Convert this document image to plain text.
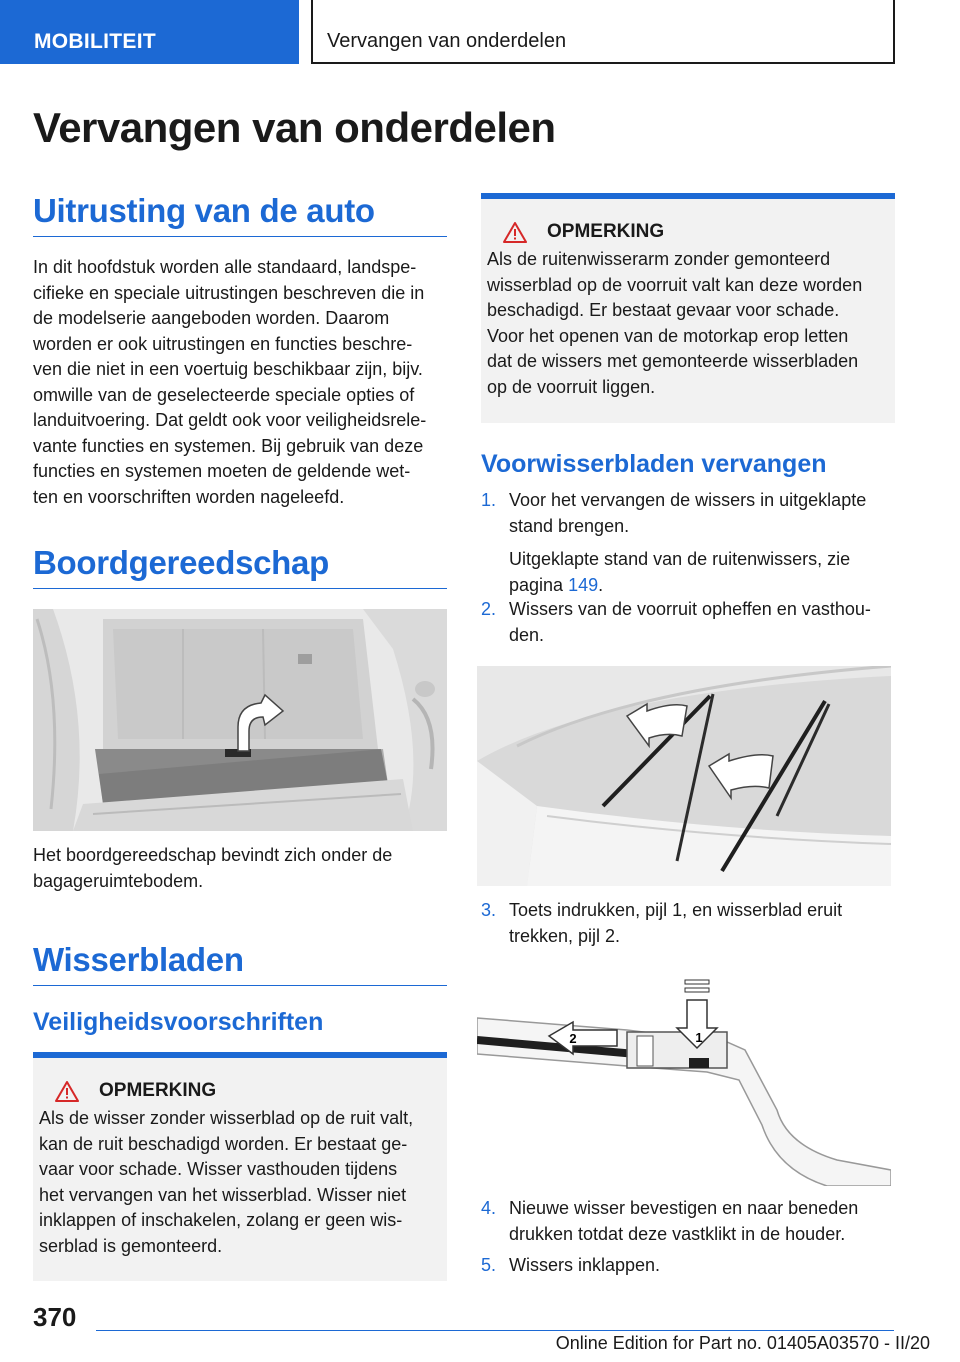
MOBILITEIT	Vervangen van onderdelen
Vervangen van onderdelen
Uitrusting van de auto
In dit hoofdstuk worden alle standaard, landspe-
cifieke en speciale uitrustingen beschreven die in
de modelserie aangeboden worden. Daarom
worden er ook uitrustingen en functies beschre-
ven die niet in een voertuig beschikbaar zijn, bijv.
omwille van de geselecteerde speciale opties of
landuitvoering. Dat geldt ook voor veiligheidsrele-
vante functies en systemen. Bij gebruik van deze
functies en systemen moeten de geldende wet-
ten en voorschriften worden nageleefd.
Boordgereedschap
Het boordgereedschap bevindt zich onder de
bagageruimtebodem.
Wisserbladen
Veiligheidsvoorschriften
OPMERKING
Als de wisser zonder wisserblad op de ruit valt,
kan de ruit beschadigd worden. Er bestaat ge-
vaar voor schade. Wisser vasthouden tijdens
het vervangen van het wisserblad. Wisser niet
inklappen of inschakelen, zolang er geen wis-
serblad is gemonteerd.
OPMERKING
Als de ruitenwisserarm zonder gemonteerd
wisserblad op de voorruit valt kan deze worden
beschadigd. Er bestaat gevaar voor schade.
Voor het openen van de motorkap erop letten
dat de wissers met gemonteerde wisserbladen
op de voorruit liggen.
Voorwisserbladen vervangen
1. Voor het vervangen de wissers in uitgeklapte
stand brengen.
Uitgeklapte stand van de ruitenwissers, zie
pagina 149.
2. Wissers van de voorruit opheffen en vasthou-
den.
3. Toets indrukken, pijl 1, en wisserblad eruit
trekken, pijl 2.
1
2
4. Nieuwe wisser bevestigen en naar beneden
drukken totdat deze vastklikt in de houder.
5. Wissers inklappen.
370
Online Edition for Part no. 01405A03570 - II/20
